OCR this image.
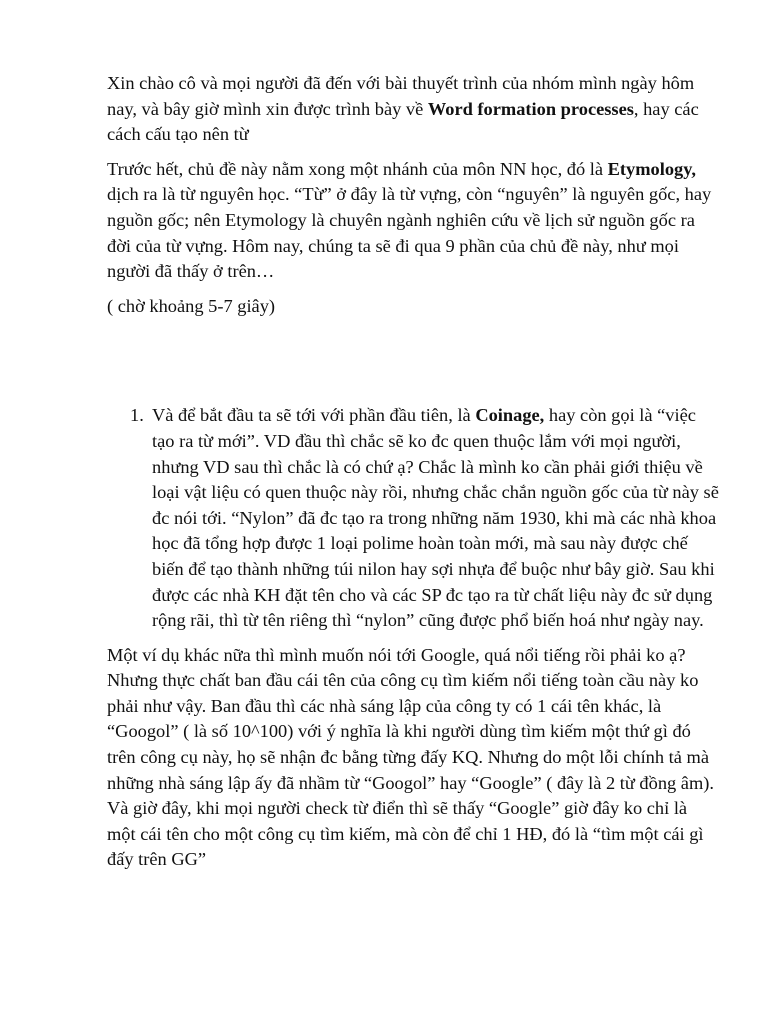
Xin chào cô và mọi người đã đến với bài thuyết trình của nhóm mình ngày hôm nay, và bây giờ mình xin được trình bày về Word formation processes, hay các cách cấu tạo nên từ

Trước hết, chủ đề này nằm xong một nhánh của môn NN học, đó là Etymology, dịch ra là từ nguyên học. “Từ” ở đây là từ vựng, còn “nguyên” là nguyên gốc, hay nguồn gốc; nên Etymology là chuyên ngành nghiên cứu về lịch sử nguồn gốc ra đời của từ vựng. Hôm nay, chúng ta sẽ đi qua 9 phần của chủ đề này, như mọi người đã thấy ở trên…

( chờ khoảng 5-7 giây)

1. Và để bắt đầu ta sẽ tới với phần đầu tiên, là Coinage, hay còn gọi là “việc tạo ra từ mới”. VD đầu thì chắc sẽ ko đc quen thuộc lắm với mọi người, nhưng VD sau thì chắc là có chứ ạ? Chắc là mình ko cần phải giới thiệu về loại vật liệu có quen thuộc này rồi, nhưng chắc chắn nguồn gốc của từ này sẽ đc nói tới. “Nylon” đã đc tạo ra trong những năm 1930, khi mà các nhà khoa học đã tổng hợp được 1 loại polime hoàn toàn mới, mà sau này được chế biến để tạo thành những túi nilon hay sợi nhựa để buộc như bây giờ. Sau khi được các nhà KH đặt tên cho và các SP đc tạo ra từ chất liệu này đc sử dụng rộng rãi, thì từ tên riêng thì “nylon” cũng được phổ biến hoá như ngày nay.

Một ví dụ khác nữa thì mình muốn nói tới Google, quá nổi tiếng rồi phải ko ạ? Nhưng thực chất ban đầu cái tên của công cụ tìm kiếm nổi tiếng toàn cầu này ko phải như vậy. Ban đầu thì các nhà sáng lập của công ty có 1 cái tên khác, là “Googol” ( là số 10^100) với ý nghĩa là khi người dùng tìm kiếm một thứ gì đó trên công cụ này, họ sẽ nhận đc bằng từng đấy KQ. Nhưng do một lỗi chính tả mà những nhà sáng lập ấy đã nhầm từ “Googol” hay “Google” ( đây là 2 từ đồng âm). Và giờ đây, khi mọi người check từ điển thì sẽ thấy “Google” giờ đây ko chỉ là một cái tên cho một công cụ tìm kiếm, mà còn để chỉ 1 HĐ, đó là “tìm một cái gì đấy trên GG”
